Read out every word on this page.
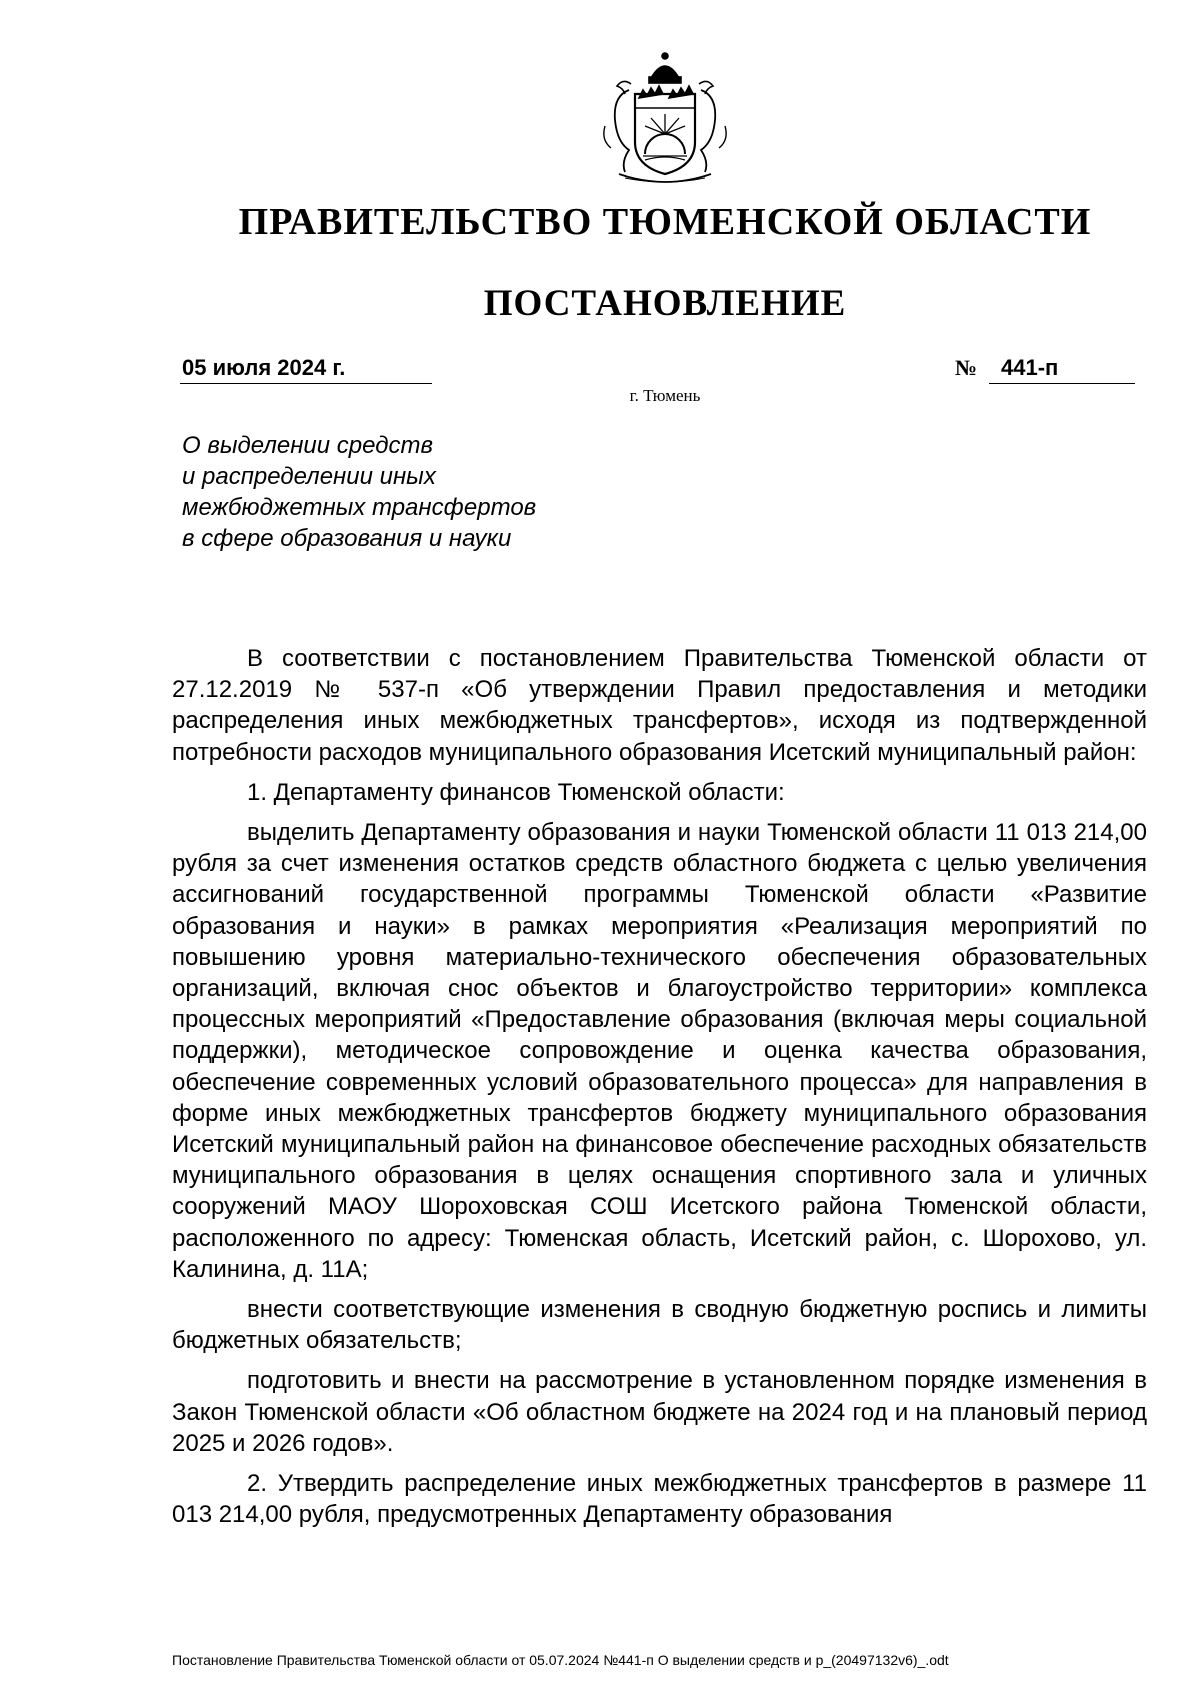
ПРАВИТЕЛЬСТВО ТЮМЕНСКОЙ ОБЛАСТИ
ПОСТАНОВЛЕНИЕ
05 июля 2024 г.	№	441-п
г. Тюмень
О выделении средств
и распределении иных
межбюджетных трансфертов
в сфере образования и науки

В соответствии с постановлением Правительства Тюменской области от 27.12.2019 № 537-п «Об утверждении Правил предоставления и методики распределения иных межбюджетных трансфертов», исходя из подтвержденной потребности расходов муниципального образования Исетский муниципальный район:

1. Департаменту финансов Тюменской области:

выделить Департаменту образования и науки Тюменской области 11 013 214,00 рубля за счет изменения остатков средств областного бюджета с целью увеличения ассигнований государственной программы Тюменской области «Развитие образования и науки» в рамках мероприятия «Реализация мероприятий по повышению уровня материально-технического обеспечения образовательных организаций, включая снос объектов и благоустройство территории» комплекса процессных мероприятий «Предоставление образования (включая меры социальной поддержки), методическое сопровождение и оценка качества образования, обеспечение современных условий образовательного процесса» для направления в форме иных межбюджетных трансфертов бюджету муниципального образования Исетский муниципальный район на финансовое обеспечение расходных обязательств муниципального образования в целях оснащения спортивного зала и уличных сооружений МАОУ Шороховская СОШ Исетского района Тюменской области, расположенного по адресу: Тюменская область, Исетский район, с. Шорохово, ул. Калинина, д. 11А;

внести соответствующие изменения в сводную бюджетную роспись и лимиты бюджетных обязательств;

подготовить и внести на рассмотрение в установленном порядке изменения в Закон Тюменской области «Об областном бюджете на 2024 год и на плановый период 2025 и 2026 годов».

2. Утвердить распределение иных межбюджетных трансфертов в размере 11 013 214,00 рубля, предусмотренных Департаменту образования

Постановление Правительства Тюменской области от 05.07.2024 №441-п О выделении средств и р_(20497132v6)_.odt
